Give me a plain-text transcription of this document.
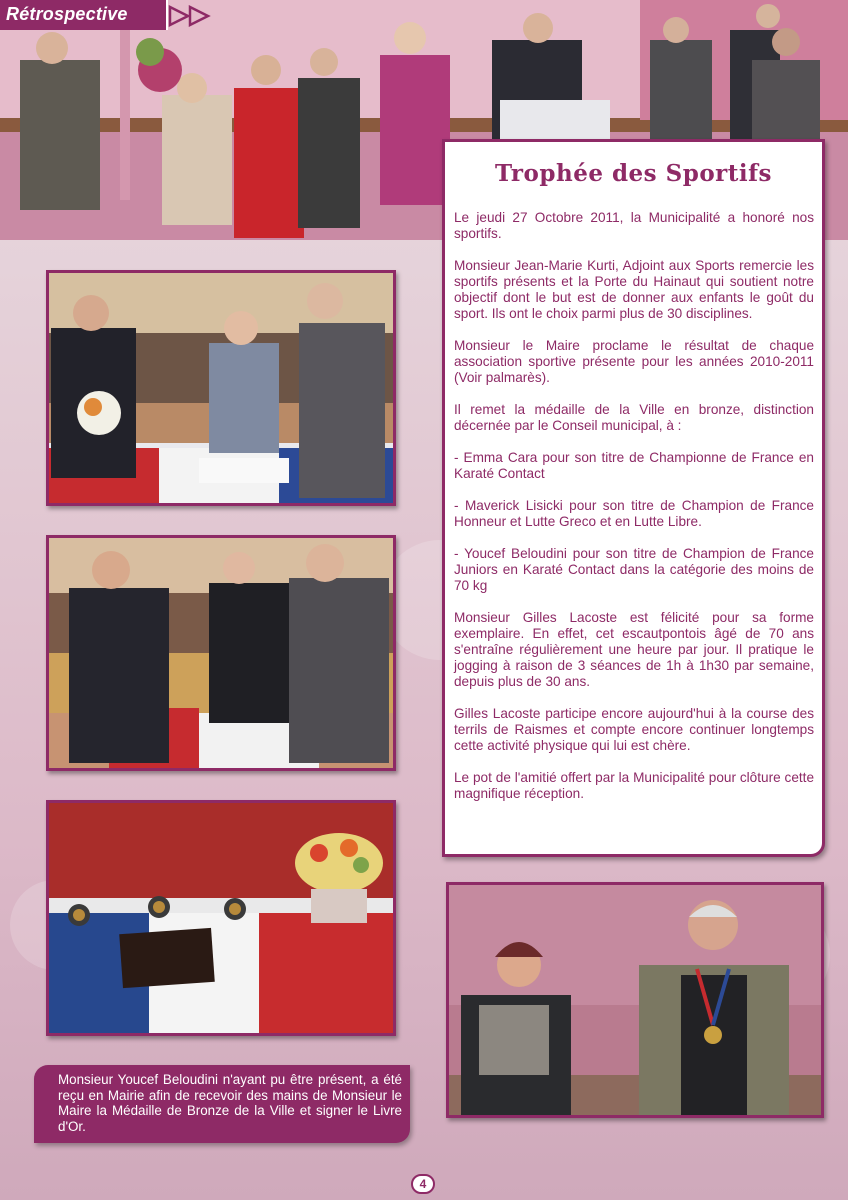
Rétrospective
Trophée des Sportifs

Le jeudi 27 Octobre 2011, la Municipalité a honoré nos sportifs.

Monsieur Jean-Marie Kurti, Adjoint aux Sports remercie les sportifs présents et la Porte du Hainaut qui soutient notre objectif dont le but est de donner aux enfants le goût du sport. Ils ont le choix parmi plus de 30 disciplines.

Monsieur le Maire proclame le résultat de chaque association sportive présente pour les années 2010-2011 (Voir palmarès).

Il remet la médaille de la Ville en bronze, distinction décernée par le Conseil municipal, à :

- Emma Cara pour son titre de Championne de France en Karaté Contact

- Maverick Lisicki pour son titre de Champion de France Honneur et Lutte Greco et en Lutte Libre.

- Youcef Beloudini pour son titre de Champion de France Juniors en Karaté Contact dans la catégorie des moins de 70 kg

Monsieur Gilles Lacoste est félicité pour sa forme exemplaire. En effet, cet escautpontois âgé de 70 ans s'entraîne régulièrement une heure par jour. Il pratique le jogging à raison de 3 séances de 1h à 1h30 par semaine, depuis plus de 30 ans.

Gilles Lacoste participe encore aujourd'hui à la course des terrils de Raismes et compte encore continuer longtemps cette activité physique qui lui est chère.

Le pot de l'amitié offert par la Municipalité pour clôture cette magnifique réception.

Monsieur Youcef Beloudini n'ayant pu être présent, a été reçu en Mairie afin de recevoir des mains de Monsieur le Maire la Médaille de Bronze de la Ville et signer le Livre d'Or.
4
